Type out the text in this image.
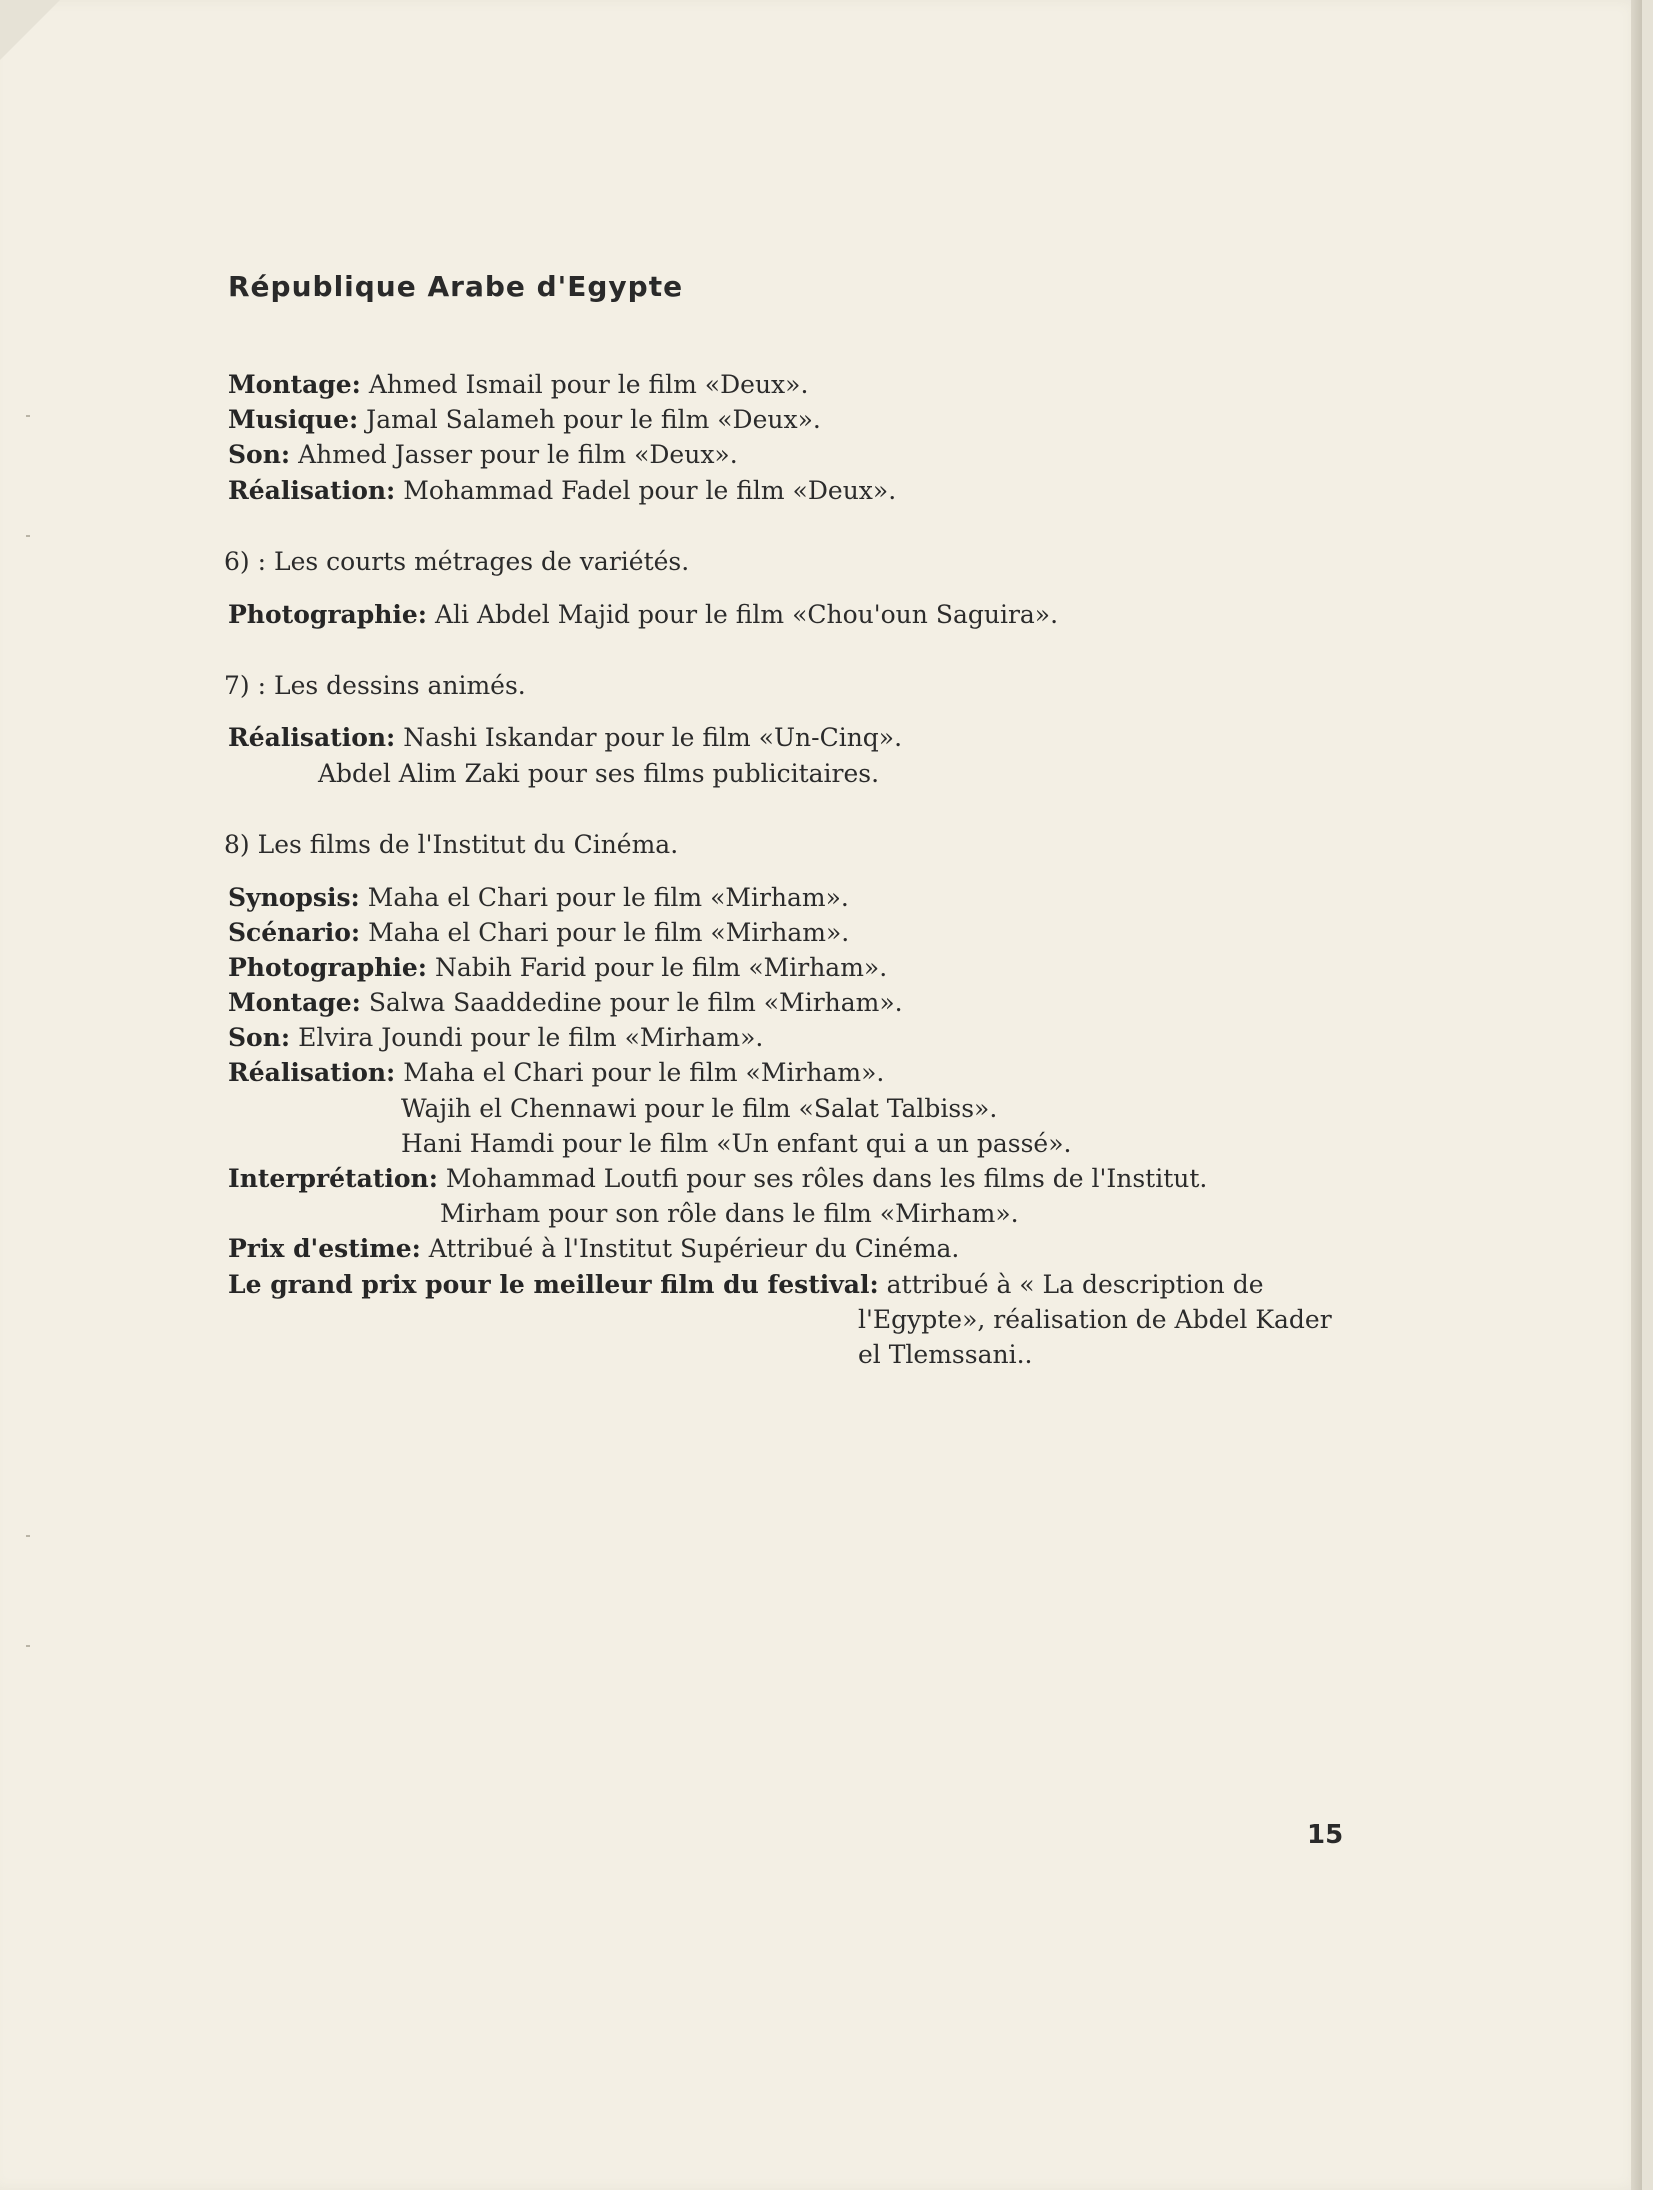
République Arabe d'Egypte
Montage: Ahmed Ismail pour le film «Deux».
Musique: Jamal Salameh pour le film «Deux».
Son: Ahmed Jasser pour le film «Deux».
Réalisation: Mohammad Fadel pour le film «Deux».
6) : Les courts métrages de variétés.
Photographie: Ali Abdel Majid pour le film «Chou'oun Saguira».
7) : Les dessins animés.
Réalisation: Nashi Iskandar pour le film «Un-Cinq».
Abdel Alim Zaki pour ses films publicitaires.
8) Les films de l'Institut du Cinéma.
Synopsis: Maha el Chari pour le film «Mirham».
Scénario: Maha el Chari pour le film «Mirham».
Photographie: Nabih Farid pour le film «Mirham».
Montage: Salwa Saaddedine pour le film «Mirham».
Son: Elvira Joundi pour le film «Mirham».
Réalisation: Maha el Chari pour le film «Mirham».
Wajih el Chennawi pour le film «Salat Talbiss».
Hani Hamdi pour le film «Un enfant qui a un passé».
Interprétation: Mohammad Loutfi pour ses rôles dans les films de l'Institut.
Mirham pour son rôle dans le film «Mirham».
Prix d'estime: Attribué à l'Institut Supérieur du Cinéma.
Le grand prix pour le meilleur film du festival: attribué à « La description de
l'Egypte», réalisation de Abdel Kader
el Tlemssani..
15
